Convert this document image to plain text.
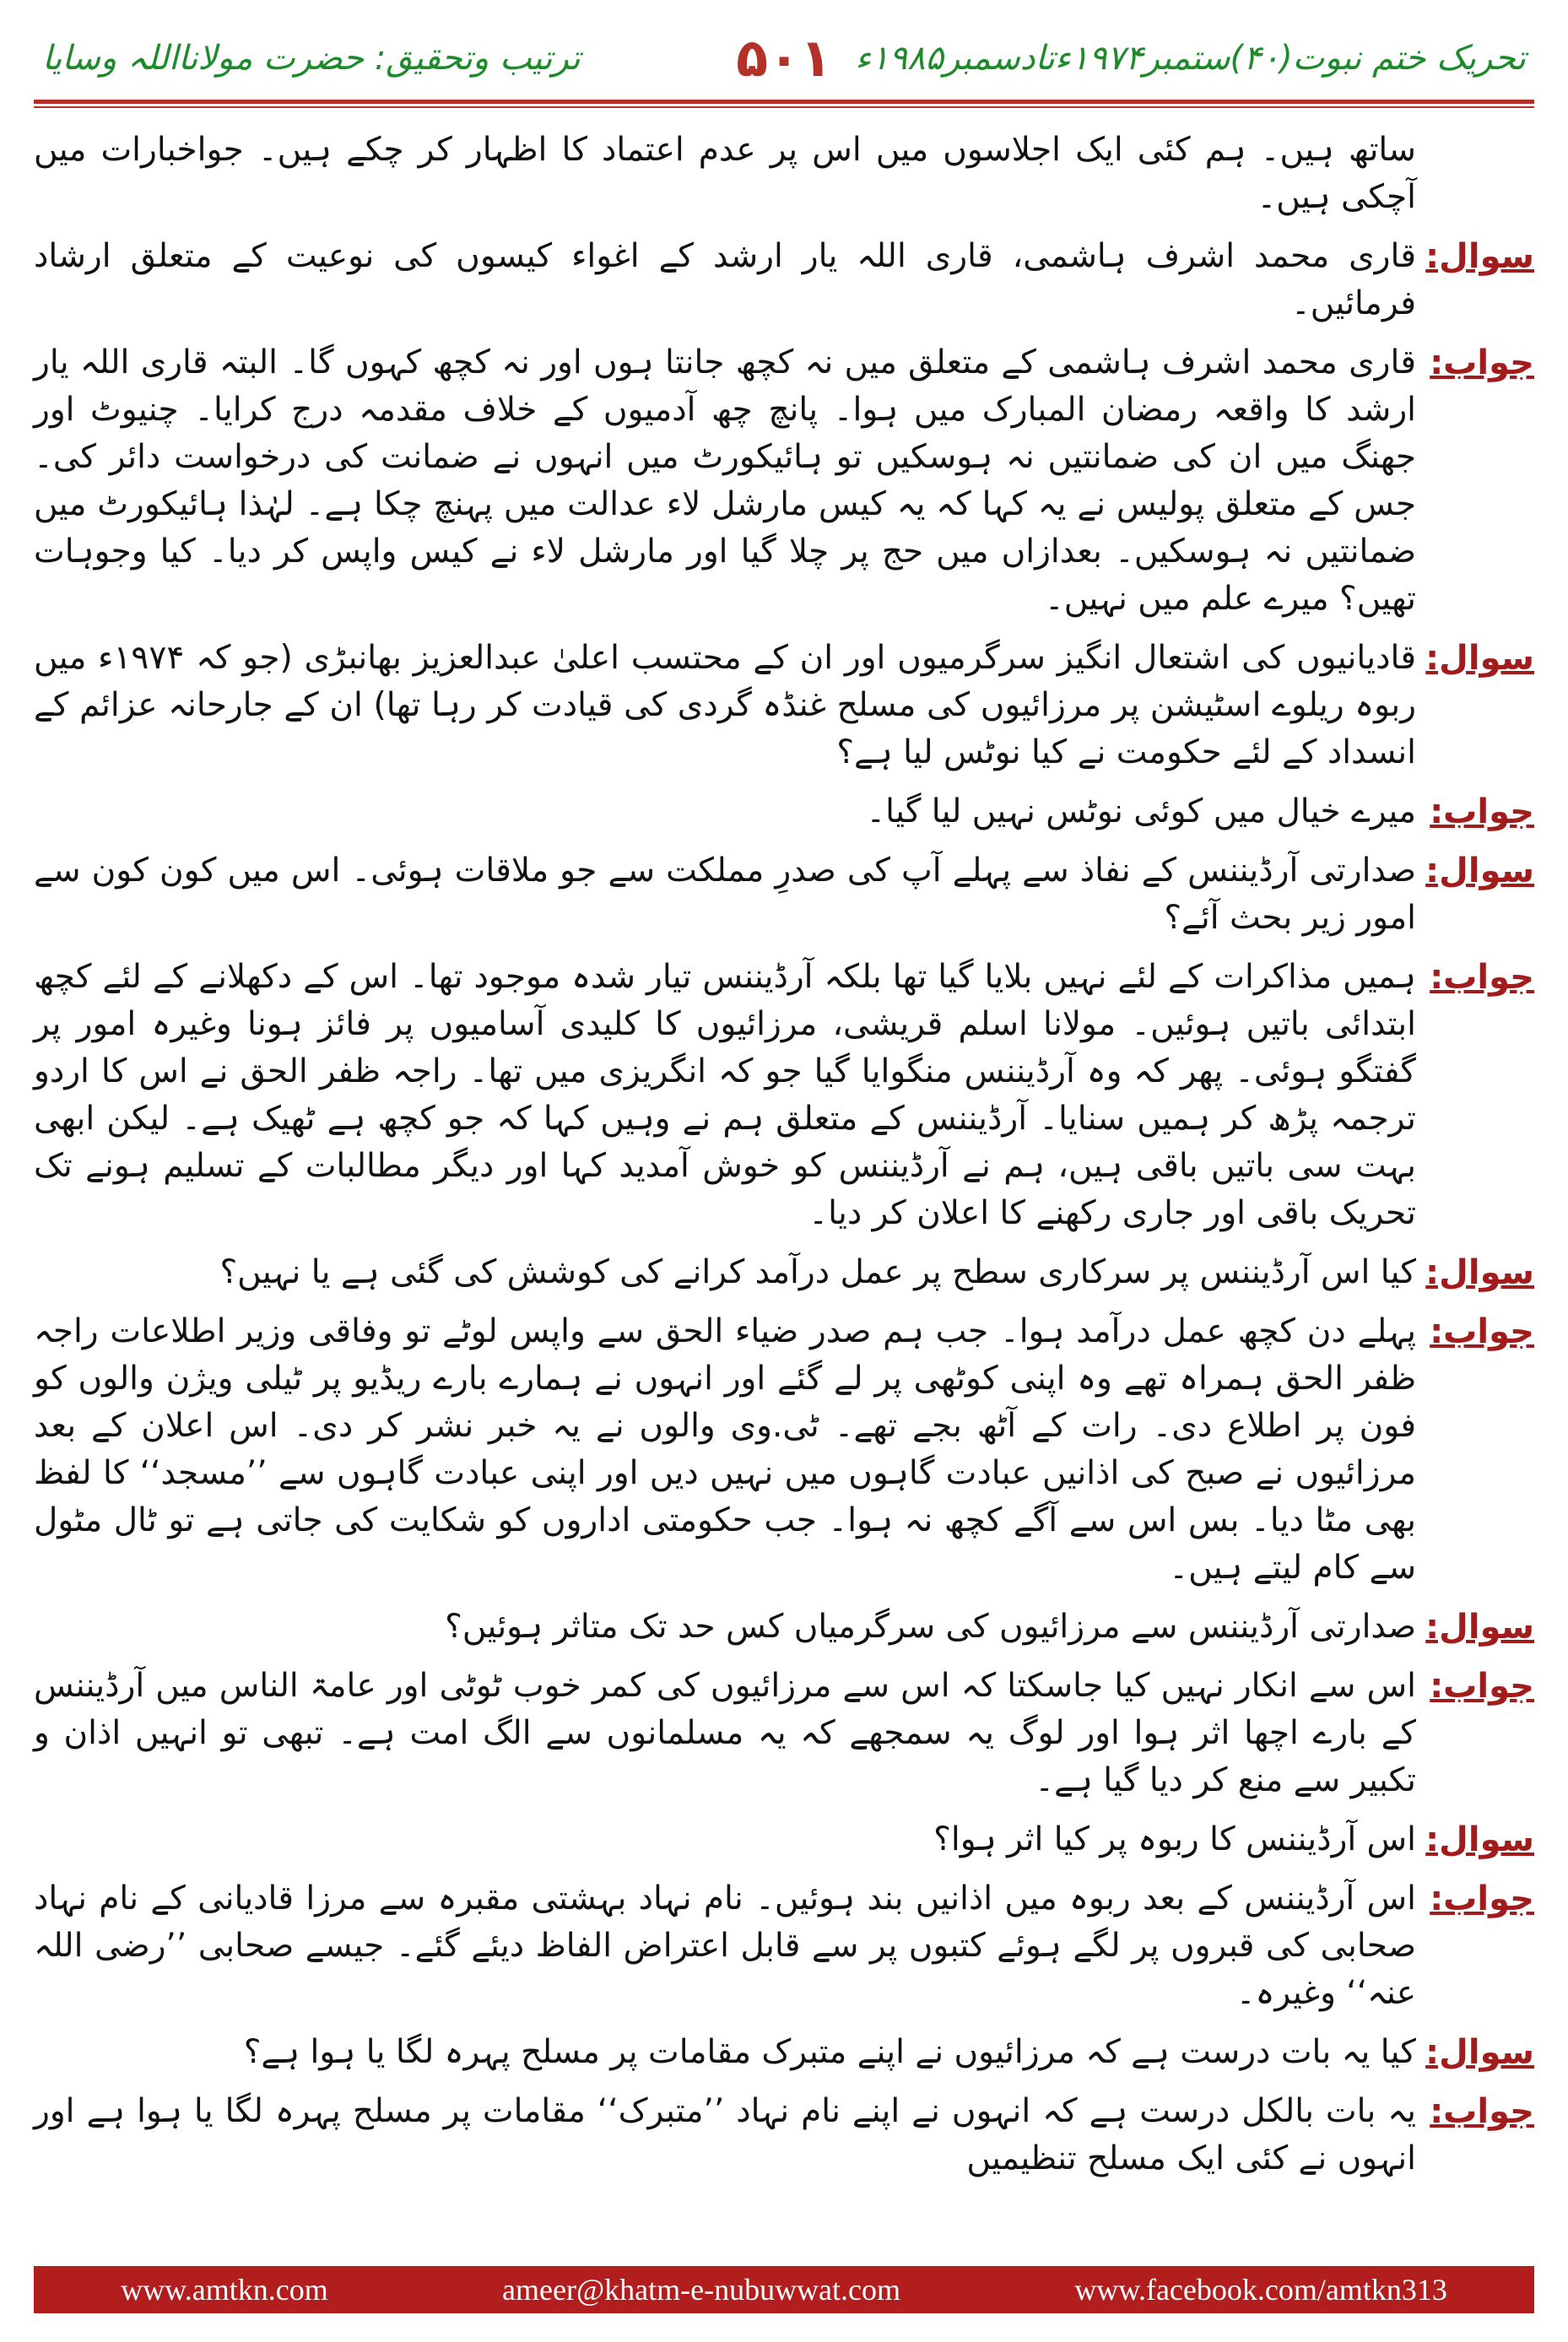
تحریک ختم نبوت(۴۰)ستمبر۱۹۷۴ءتادسمبر۱۹۸۵ء
۵۰۱
ترتیب وتحقیق: حضرت مولانااللہ وسایا
ساتھ ہیں۔ ہم کئی ایک اجلاسوں میں اس پر عدم اعتماد کا اظہار کر چکے ہیں۔ جواخبارات میں آچکی ہیں۔
سوال:
قاری محمد اشرف ہاشمی، قاری اللہ یار ارشد کے اغواء کیسوں کی نوعیت کے متعلق ارشاد فرمائیں۔
جواب:
قاری محمد اشرف ہاشمی کے متعلق میں نہ کچھ جانتا ہوں اور نہ کچھ کہوں گا۔ البتہ قاری اللہ یار ارشد کا واقعہ رمضان المبارک میں ہوا۔ پانچ چھ آدمیوں کے خلاف مقدمہ درج کرایا۔ چنیوٹ اور جھنگ میں ان کی ضمانتیں نہ ہوسکیں تو ہائیکورٹ میں انہوں نے ضمانت کی درخواست دائر کی۔ جس کے متعلق پولیس نے یہ کہا کہ یہ کیس مارشل لاء عدالت میں پہنچ چکا ہے۔ لہٰذا ہائیکورٹ میں ضمانتیں نہ ہوسکیں۔ بعدازاں میں حج پر چلا گیا اور مارشل لاء نے کیس واپس کر دیا۔ کیا وجوہات تھیں؟ میرے علم میں نہیں۔
سوال:
قادیانیوں کی اشتعال انگیز سرگرمیوں اور ان کے محتسب اعلیٰ عبدالعزیز بھانبڑی (جو کہ ۱۹۷۴ء میں ربوہ ریلوے اسٹیشن پر مرزائیوں کی مسلح غنڈہ گردی کی قیادت کر رہا تھا) ان کے جارحانہ عزائم کے انسداد کے لئے حکومت نے کیا نوٹس لیا ہے؟
جواب:
میرے خیال میں کوئی نوٹس نہیں لیا گیا۔
سوال:
صدارتی آرڈیننس کے نفاذ سے پہلے آپ کی صدرِ مملکت سے جو ملاقات ہوئی۔ اس میں کون کون سے امور زیر بحث آئے؟
جواب:
ہمیں مذاکرات کے لئے نہیں بلایا گیا تھا بلکہ آرڈیننس تیار شدہ موجود تھا۔ اس کے دکھلانے کے لئے کچھ ابتدائی باتیں ہوئیں۔ مولانا اسلم قریشی، مرزائیوں کا کلیدی آسامیوں پر فائز ہونا وغیرہ امور پر گفتگو ہوئی۔ پھر کہ وہ آرڈیننس منگوایا گیا جو کہ انگریزی میں تھا۔ راجہ ظفر الحق نے اس کا اردو ترجمہ پڑھ کر ہمیں سنایا۔ آرڈیننس کے متعلق ہم نے وہیں کہا کہ جو کچھ ہے ٹھیک ہے۔ لیکن ابھی بہت سی باتیں باقی ہیں، ہم نے آرڈیننس کو خوش آمدید کہا اور دیگر مطالبات کے تسلیم ہونے تک تحریک باقی اور جاری رکھنے کا اعلان کر دیا۔
سوال:
کیا اس آرڈیننس پر سرکاری سطح پر عمل درآمد کرانے کی کوشش کی گئی ہے یا نہیں؟
جواب:
پہلے دن کچھ عمل درآمد ہوا۔ جب ہم صدر ضیاء الحق سے واپس لوٹے تو وفاقی وزیر اطلاعات راجہ ظفر الحق ہمراہ تھے وہ اپنی کوٹھی پر لے گئے اور انہوں نے ہمارے بارے ریڈیو پر ٹیلی ویژن والوں کو فون پر اطلاع دی۔ رات کے آٹھ بجے تھے۔ ٹی.وی والوں نے یہ خبر نشر کر دی۔ اس اعلان کے بعد مرزائیوں نے صبح کی اذانیں عبادت گاہوں میں نہیں دیں اور اپنی عبادت گاہوں سے ’’مسجد‘‘ کا لفظ بھی مٹا دیا۔ بس اس سے آگے کچھ نہ ہوا۔ جب حکومتی اداروں کو شکایت کی جاتی ہے تو ٹال مٹول سے کام لیتے ہیں۔
سوال:
صدارتی آرڈیننس سے مرزائیوں کی سرگرمیاں کس حد تک متاثر ہوئیں؟
جواب:
اس سے انکار نہیں کیا جاسکتا کہ اس سے مرزائیوں کی کمر خوب ٹوٹی اور عامۃ الناس میں آرڈیننس کے بارے اچھا اثر ہوا اور لوگ یہ سمجھے کہ یہ مسلمانوں سے الگ امت ہے۔ تبھی تو انہیں اذان و تکبیر سے منع کر دیا گیا ہے۔
سوال:
اس آرڈیننس کا ربوہ پر کیا اثر ہوا؟
جواب:
اس آرڈیننس کے بعد ربوہ میں اذانیں بند ہوئیں۔ نام نہاد بہشتی مقبرہ سے مرزا قادیانی کے نام نہاد صحابی کی قبروں پر لگے ہوئے کتبوں پر سے قابل اعتراض الفاظ دیئے گئے۔ جیسے صحابی ’’رضی اللہ عنہ‘‘ وغیرہ۔
سوال:
کیا یہ بات درست ہے کہ مرزائیوں نے اپنے متبرک مقامات پر مسلح پہرہ لگا یا ہوا ہے؟
جواب:
یہ بات بالکل درست ہے کہ انہوں نے اپنے نام نہاد ’’متبرک‘‘ مقامات پر مسلح پہرہ لگا یا ہوا ہے اور انہوں نے کئی ایک مسلح تنظیمیں
www.amtkn.com	ameer@khatm-e-nubuwwat.com	www.facebook.com/amtkn313
